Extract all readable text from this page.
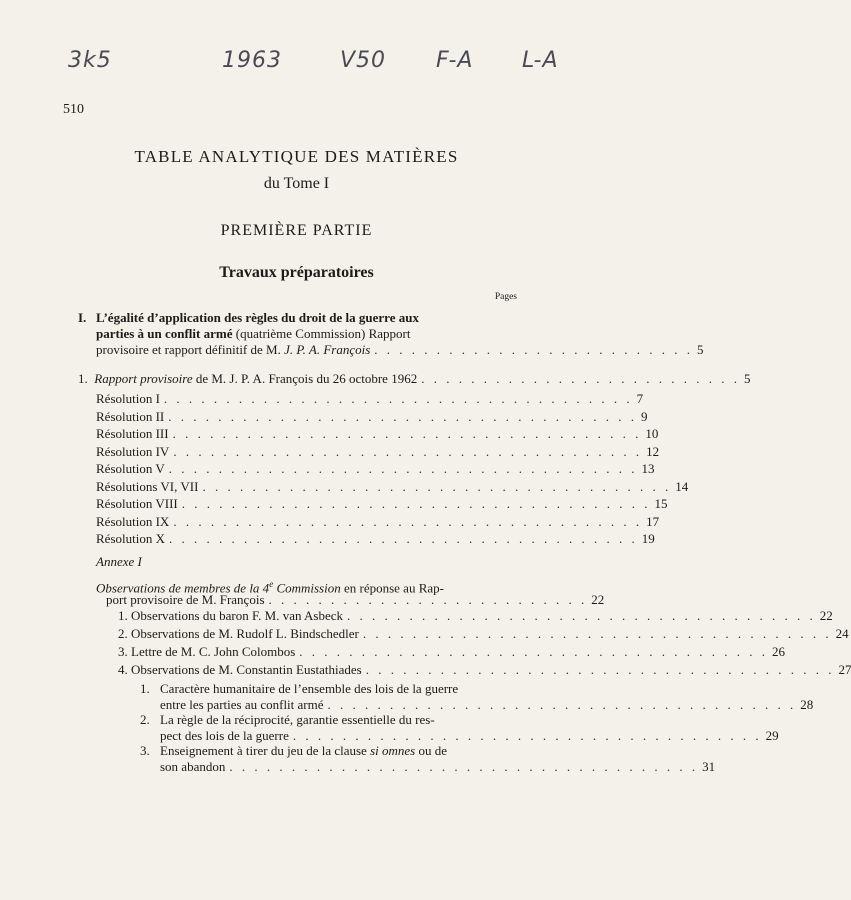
3k5	1963	V50 F-A L-A
510
TABLE ANALYTIQUE DES MATIÈRES
du Tome I
PREMIÈRE PARTIE
Travaux préparatoires
Pages
I. L’égalité d’application des règles du droit de la guerre aux
parties à un conflit armé (quatrième Commission) Rapport
provisoire et rapport définitif de M. J. P. A. François . . . . . . . . . . . . . . . . . . . . . . . . . . 5
1. Rapport provisoire de M. J. P. A. François du 26 octobre 1962 . . . . . . . . . . . . . . . . . . . . . . . . . . 5
Résolution I . . . . . . . . . . . . . . . . . . . . . . . . . . . . . . . . . . . . . . 7
Résolution II . . . . . . . . . . . . . . . . . . . . . . . . . . . . . . . . . . . . . . 9
Résolution III . . . . . . . . . . . . . . . . . . . . . . . . . . . . . . . . . . . . . . 10
Résolution IV . . . . . . . . . . . . . . . . . . . . . . . . . . . . . . . . . . . . . . 12
Résolution V . . . . . . . . . . . . . . . . . . . . . . . . . . . . . . . . . . . . . . 13
Résolutions VI, VII . . . . . . . . . . . . . . . . . . . . . . . . . . . . . . . . . . . . . . 14
Résolution VIII . . . . . . . . . . . . . . . . . . . . . . . . . . . . . . . . . . . . . . 15
Résolution IX . . . . . . . . . . . . . . . . . . . . . . . . . . . . . . . . . . . . . . 17
Résolution X . . . . . . . . . . . . . . . . . . . . . . . . . . . . . . . . . . . . . . 19
Annexe I
Observations de membres de la 4e Commission en réponse au Rap-
port provisoire de M. François . . . . . . . . . . . . . . . . . . . . . . . . . . 22
1. Observations du baron F. M. van Asbeck . . . . . . . . . . . . . . . . . . . . . . . . . . . . . . . . . . . . . . 22
2. Observations de M. Rudolf L. Bindschedler . . . . . . . . . . . . . . . . . . . . . . . . . . . . . . . . . . . . . . 24
3. Lettre de M. C. John Colombos . . . . . . . . . . . . . . . . . . . . . . . . . . . . . . . . . . . . . . 26
4. Observations de M. Constantin Eustathiades . . . . . . . . . . . . . . . . . . . . . . . . . . . . . . . . . . . . . . 27
1. Caractère humanitaire de l’ensemble des lois de la guerre
entre les parties au conflit armé . . . . . . . . . . . . . . . . . . . . . . . . . . . . . . . . . . . . . . 28
2. La règle de la réciprocité, garantie essentielle du res-
pect des lois de la guerre . . . . . . . . . . . . . . . . . . . . . . . . . . . . . . . . . . . . . . 29
3. Enseignement à tirer du jeu de la clause si omnes ou de
son abandon . . . . . . . . . . . . . . . . . . . . . . . . . . . . . . . . . . . . . . 31
